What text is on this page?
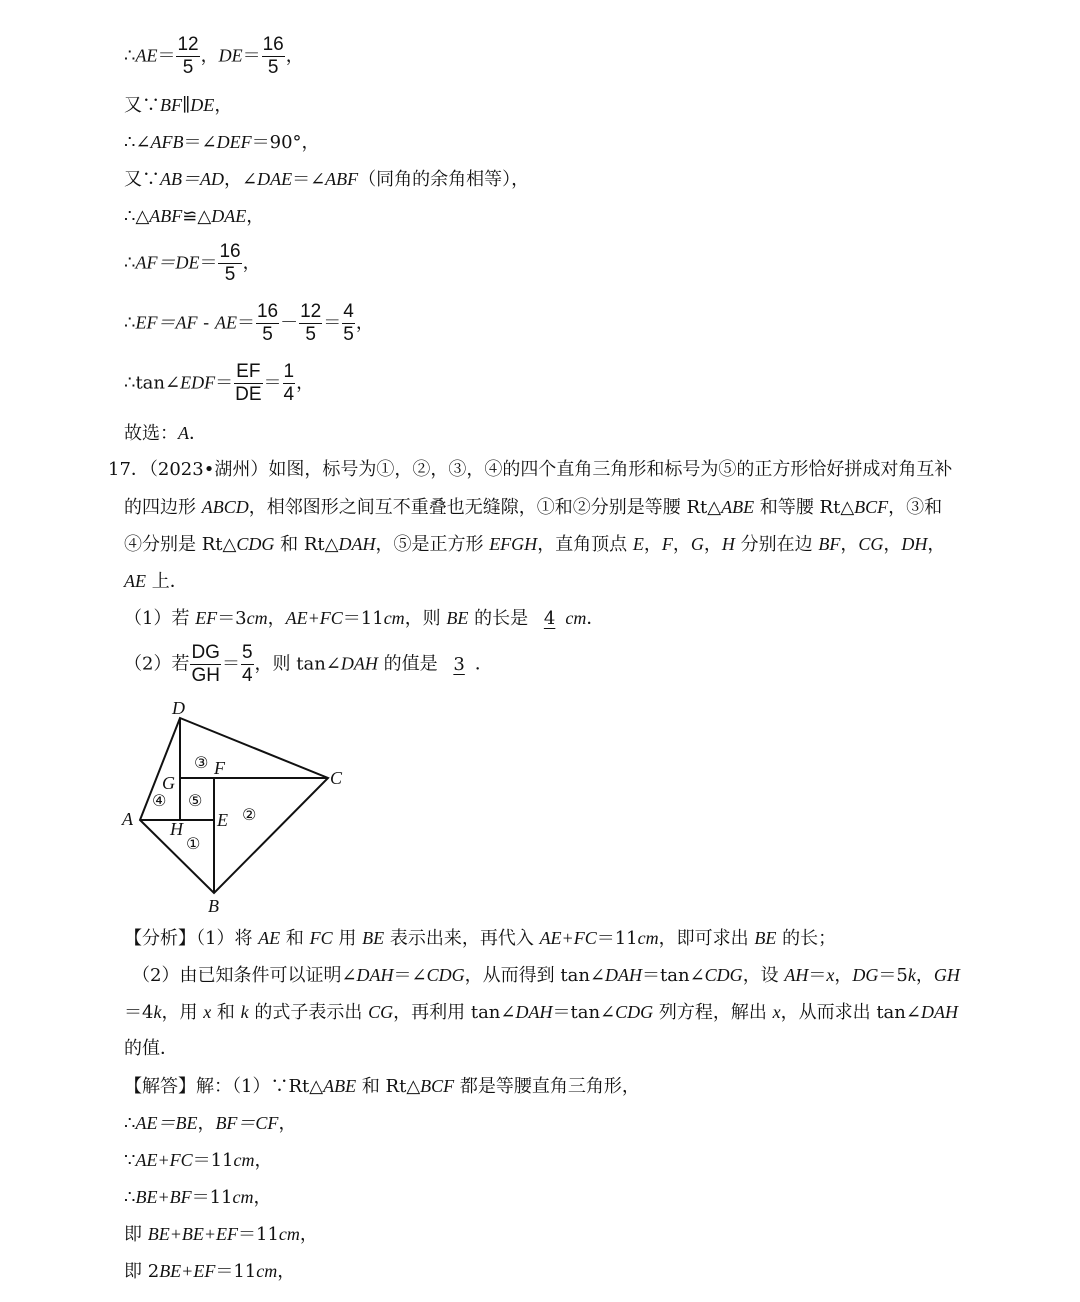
∴AE＝ $\frac{12}{5}$ ，$DE= \frac{16}{5}$ ，
又∵BF∥DE，
∴∠AFB＝∠DEF＝90°，
又∵AB＝AD，∠DAE＝∠ABF（同角的余角相等），
∴△ABF≌△DAE，
∴AF＝DE＝ $\frac{16}{5}$ ，
∴EF＝AF - $AE= \frac{16}{5} - \frac{12}{5} = \frac{4}{5}$ ，
∴tan∠EDF＝ $\frac{EF}{DE} = \frac{1}{4}$ ，
故选：A．
17．（2023•湖州）如图，标号为①，②，③，④的四个直角三角形和标号为⑤的正方形恰好拼成对角互补
的四边形 ABCD，相邻图形之间互不重叠也无缝隙，①和②分别是等腰 Rt△ABE 和等腰 Rt△BCF，③和
④分别是 Rt△CDG 和 Rt△DAH，⑤是正方形 EFGH，直角顶点 E，F，G，H 分别在边 BF，CG，DH，
AE 上．
（1）若 EF＝3cm，AE+FC＝11cm，则 BE 的长是 4 cm．
（2）若 $\frac{DG}{GH} = \frac{5}{4}$ ，则 tan∠DAH 的值是 3 ．
D
C
A
B
G
F
E
H
①
②
③
④ ⑤
【分析】（1）将 AE 和 FC 用 BE 表示出来，再代入 AE+FC＝11cm，即可求出 BE 的长；
（2）由已知条件可以证明∠DAH＝∠CDG，从而得到 tan∠DAH＝tan∠CDG，设 AH＝x，DG＝5k，GH
＝4k，用 x 和 k 的式子表示出 CG，再利用 tan∠DAH＝tan∠CDG 列方程，解出 x，从而求出 tan∠DAH
的值．
【解答】解：（1）∵Rt△ABE 和 Rt△BCF 都是等腰直角三角形，
∴AE＝BE，BF＝CF，
∵AE+FC＝11cm，
∴BE+BF＝11cm，
即 BE+BE+EF＝11cm，
即 2BE+EF＝11cm，
